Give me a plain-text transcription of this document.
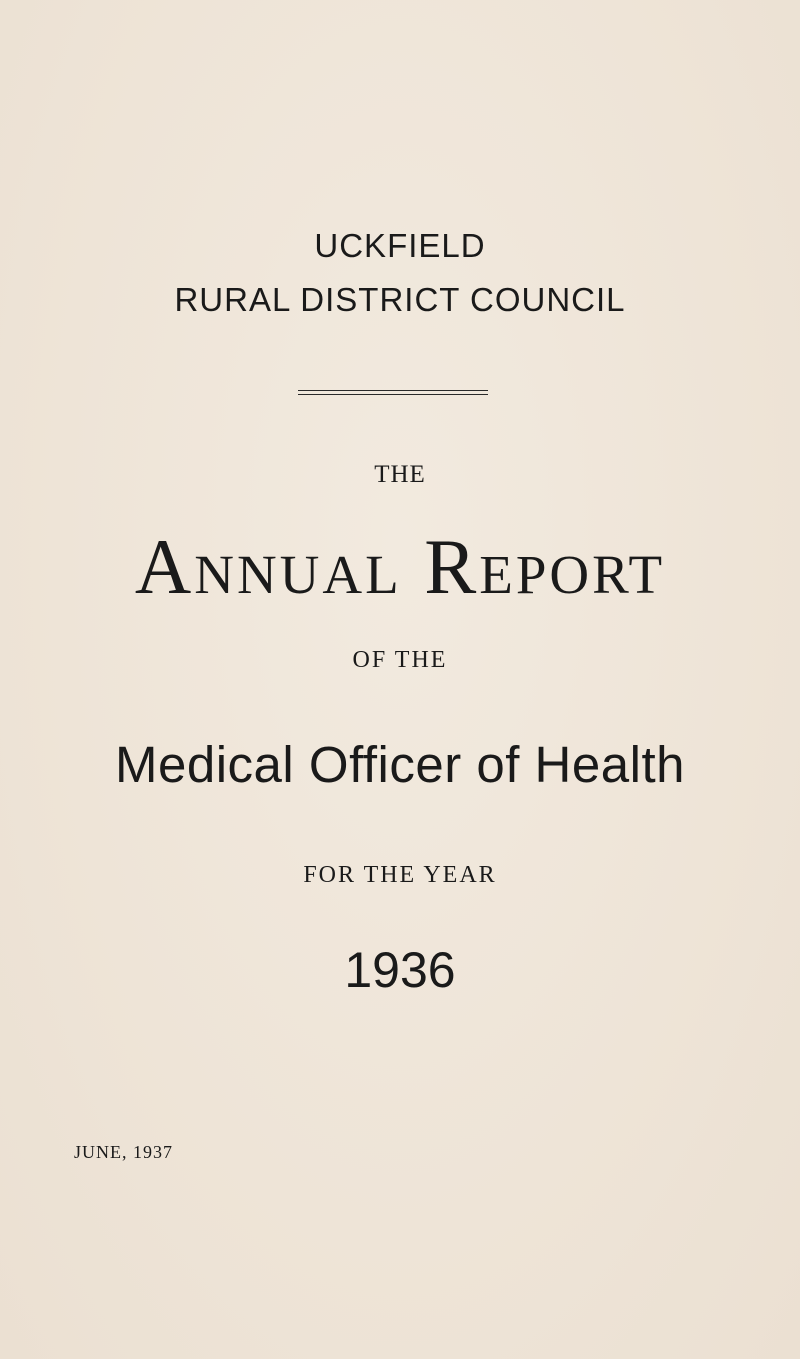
UCKFIELD
RURAL DISTRICT COUNCIL
THE
Annual Report
OF THE
Medical Officer of Health
FOR THE YEAR
1936
JUNE, 1937
